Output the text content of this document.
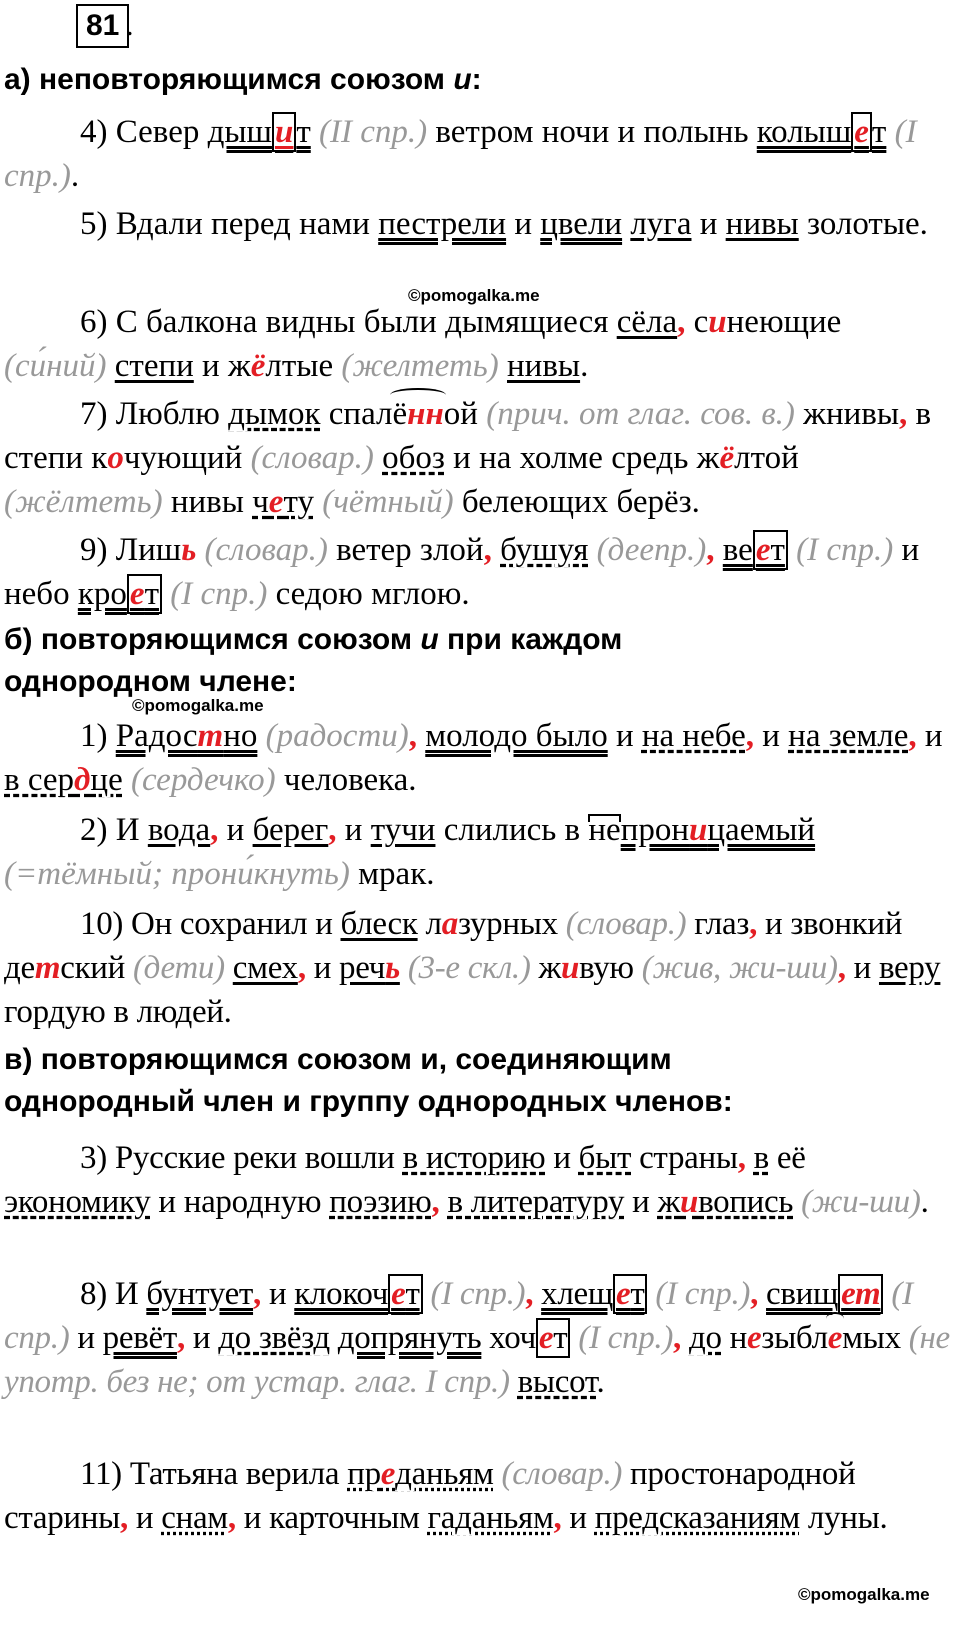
81 .
а) неповторяющимся союзом и:

4) Север дышит (II спр.) ветром ночи и полынь колышет (I спр.).

5) Вдали перед нами пестрели и цвели луга и нивы золотые.

©pomogalka.me

6) С балкона видны были дымящиеся сёла, синеющие (си́ний) степи и жёлтые (желтеть) нивы.

7) Люблю дымок спалённой (прич. от глаг. сов. в.) жнивы, в степи кочующий (словар.) обоз и на холме средь жёлтой (жёлтеть) нивы чету (чётный) белеющих берёз.

9) Лишь (словар.) ветер злой, бушуя (деепр.), веет (I спр.) и небо кроет (I спр.) седою мглою.

б) повторяющимся союзом и при каждом
однородном члене:
©pomogalka.me

1) Радостно (радости), молодо было и на небе, и на земле, и в сердце (сердечко) человека.

2) И вода, и берег, и тучи слились в непроницаемый (=тёмный; прони́кнуть) мрак.

10) Он сохранил и блеск лазурных (словар.) глаз, и звонкий детский (дети) смех, и речь (3-е скл.) живую (жив, жи-ши), и веру гордую в людей.

в) повторяющимся союзом и, соединяющим
однородный член и группу однородных членов:

3) Русские реки вошли в историю и быт страны, в её экономику и народную поэзию, в литературу и живопись (жи-ши).

8) И бунтует, и клокочет (I спр.), хлещет (I спр.), свищет (I спр.) и ревёт, и до звёзд допрянуть хочет (I спр.), до незыблемых (не употр. без не; от устар. глаг. I спр.) высот.

11) Татьяна верила преданьям (словар.) простонародной старины, и снам, и карточным гаданьям, и предсказаниям луны.

©pomogalka.me
